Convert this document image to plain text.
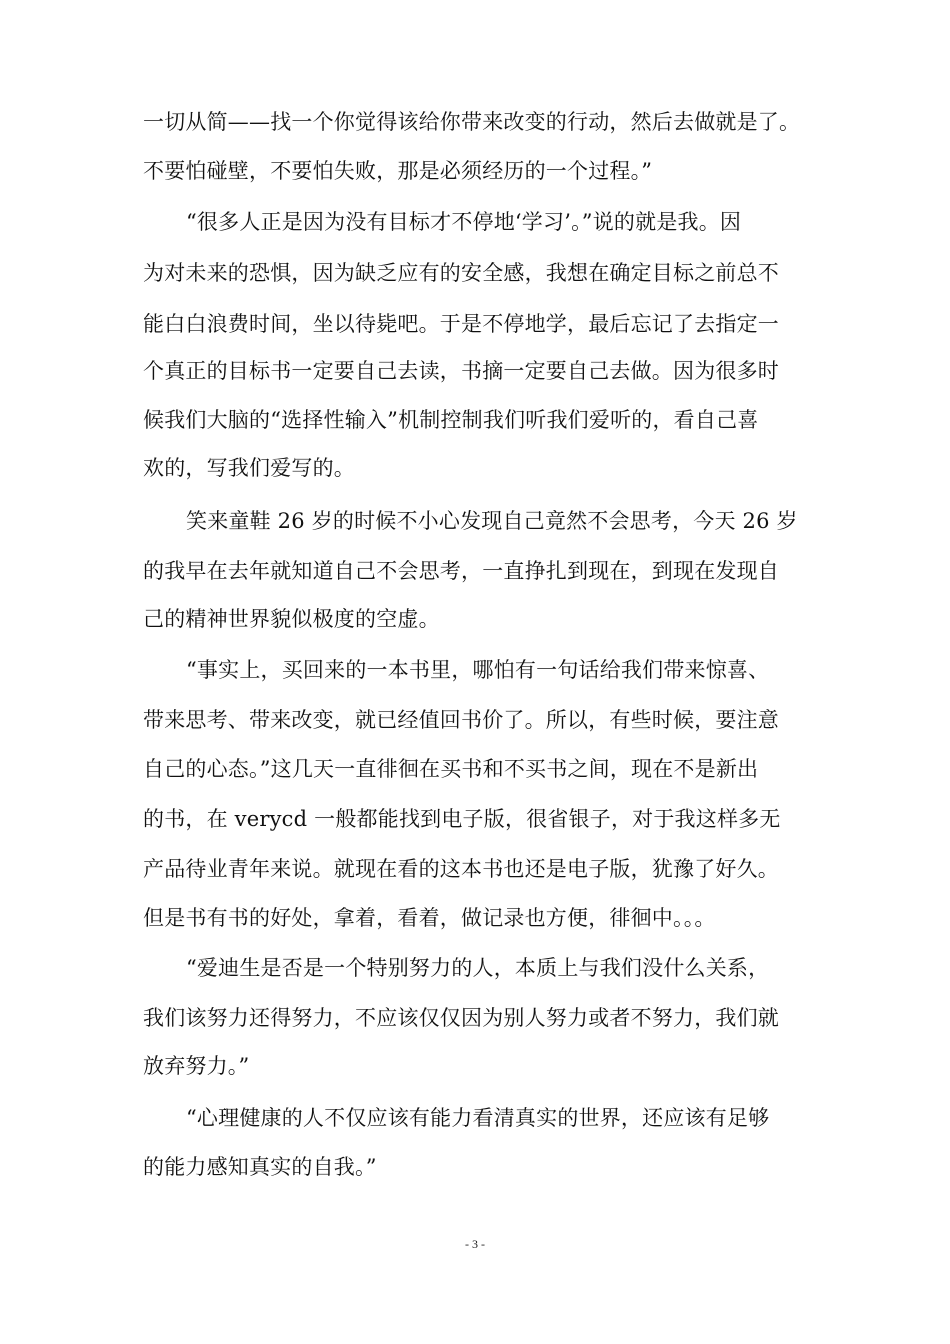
一切从简——找一个你觉得该给你带来改变的行动，然后去做就是了。
不要怕碰壁，不要怕失败，那是必须经历的一个过程。”
“很多人正是因为没有目标才不停地‘学习’。”说的就是我。因
为对未来的恐惧，因为缺乏应有的安全感，我想在确定目标之前总不
能白白浪费时间，坐以待毙吧。于是不停地学，最后忘记了去指定一
个真正的目标书一定要自己去读，书摘一定要自己去做。因为很多时
候我们大脑的“选择性输入”机制控制我们听我们爱听的，看自己喜
欢的，写我们爱写的。
笑来童鞋 26 岁的时候不小心发现自己竟然不会思考，今天 26 岁
的我早在去年就知道自己不会思考，一直挣扎到现在，到现在发现自
己的精神世界貌似极度的空虚。
“事实上，买回来的一本书里，哪怕有一句话给我们带来惊喜、
带来思考、带来改变，就已经值回书价了。所以，有些时候，要注意
自己的心态。”这几天一直徘徊在买书和不买书之间，现在不是新出
的书，在 verycd 一般都能找到电子版，很省银子，对于我这样多无
产品待业青年来说。就现在看的这本书也还是电子版，犹豫了好久。
但是书有书的好处，拿着，看着，做记录也方便，徘徊中。。。
“爱迪生是否是一个特别努力的人，本质上与我们没什么关系，
我们该努力还得努力，不应该仅仅因为别人努力或者不努力，我们就
放弃努力。”
“心理健康的人不仅应该有能力看清真实的世界，还应该有足够
的能力感知真实的自我。”
- 3 -
